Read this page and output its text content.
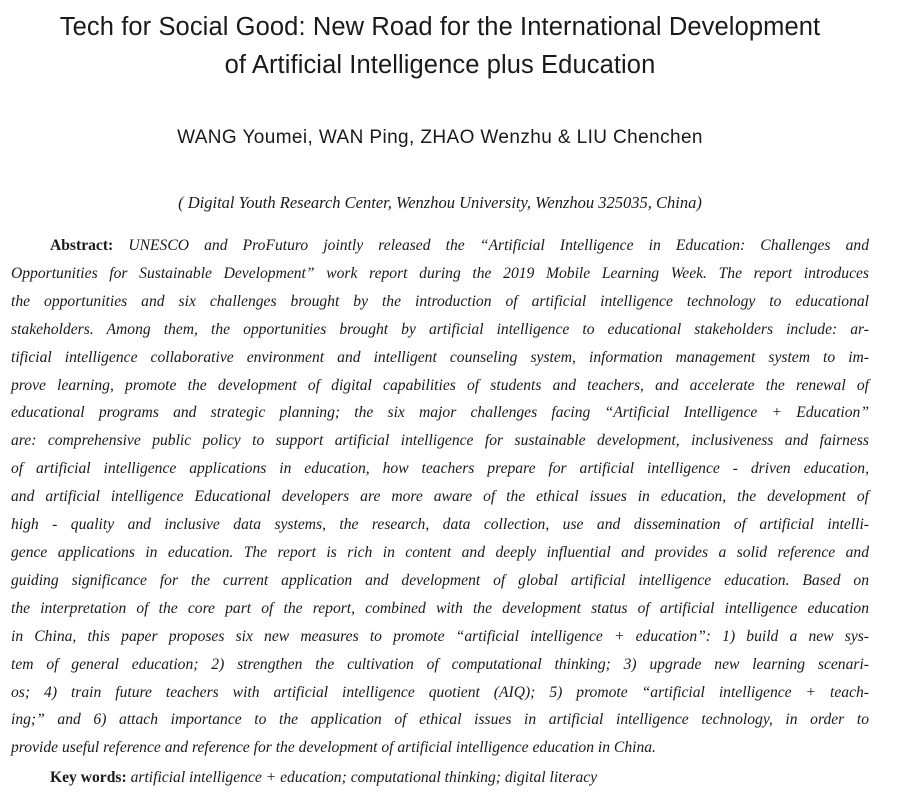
Tech for Social Good: New Road for the International Development
of Artificial Intelligence plus Education
WANG Youmei, WAN Ping, ZHAO Wenzhu & LIU Chenchen
( Digital Youth Research Center, Wenzhou University, Wenzhou 325035, China)
Abstract: UNESCO and ProFuturo jointly released the “Artificial Intelligence in Education: Challenges and
Opportunities for Sustainable Development” work report during the 2019 Mobile Learning Week. The report introduces
the opportunities and six challenges brought by the introduction of artificial intelligence technology to educational
stakeholders. Among them, the opportunities brought by artificial intelligence to educational stakeholders include: ar-
tificial intelligence collaborative environment and intelligent counseling system, information management system to im-
prove learning, promote the development of digital capabilities of students and teachers, and accelerate the renewal of
educational programs and strategic planning; the six major challenges facing “Artificial Intelligence + Education”
are: comprehensive public policy to support artificial intelligence for sustainable development, inclusiveness and fairness
of artificial intelligence applications in education, how teachers prepare for artificial intelligence - driven education,
and artificial intelligence Educational developers are more aware of the ethical issues in education, the development of
high - quality and inclusive data systems, the research, data collection, use and dissemination of artificial intelli-
gence applications in education. The report is rich in content and deeply influential and provides a solid reference and
guiding significance for the current application and development of global artificial intelligence education. Based on
the interpretation of the core part of the report, combined with the development status of artificial intelligence education
in China, this paper proposes six new measures to promote “artificial intelligence + education”: 1) build a new sys-
tem of general education; 2) strengthen the cultivation of computational thinking; 3) upgrade new learning scenari-
os; 4) train future teachers with artificial intelligence quotient (AIQ); 5) promote “artificial intelligence + teach-
ing;” and 6) attach importance to the application of ethical issues in artificial intelligence technology, in order to
provide useful reference and reference for the development of artificial intelligence education in China.
Key words: artificial intelligence + education; computational thinking; digital literacy
